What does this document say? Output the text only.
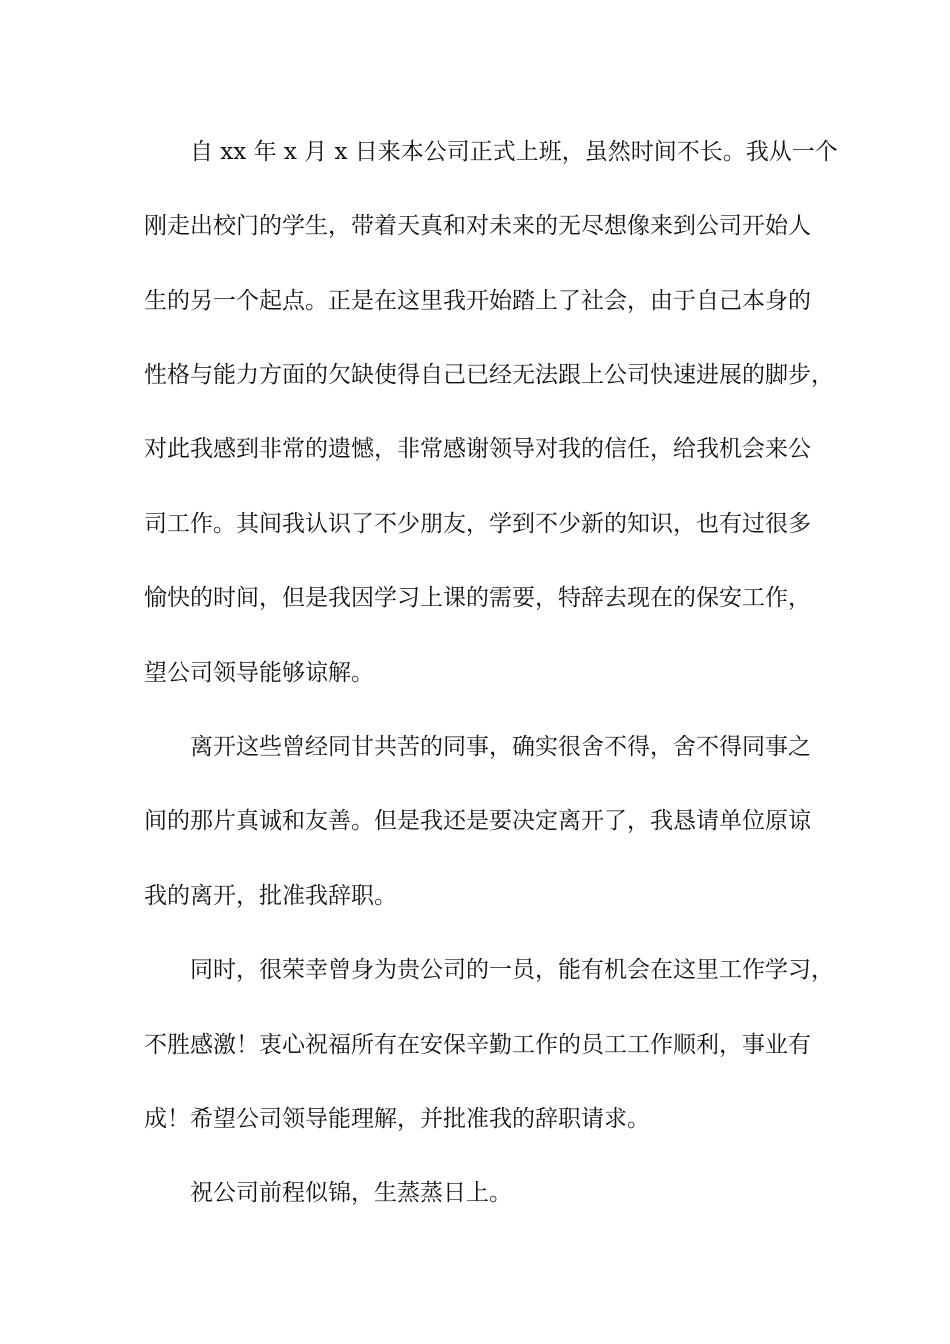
自 xx 年 x 月 x 日来本公司正式上班，虽然时间不长。我从一个

刚走出校门的学生，带着天真和对未来的无尽想像来到公司开始人

生的另一个起点。正是在这里我开始踏上了社会，由于自己本身的

性格与能力方面的欠缺使得自己已经无法跟上公司快速进展的脚步，

对此我感到非常的遗憾，非常感谢领导对我的信任，给我机会来公

司工作。其间我认识了不少朋友，学到不少新的知识，也有过很多

愉快的时间，但是我因学习上课的需要，特辞去现在的保安工作，

望公司领导能够谅解。

离开这些曾经同甘共苦的同事，确实很舍不得，舍不得同事之

间的那片真诚和友善。但是我还是要决定离开了，我恳请单位原谅

我的离开，批准我辞职。

同时，很荣幸曾身为贵公司的一员，能有机会在这里工作学习，

不胜感激！衷心祝福所有在安保辛勤工作的员工工作顺利，事业有

成！希望公司领导能理解，并批准我的辞职请求。

祝公司前程似锦，生蒸蒸日上。
